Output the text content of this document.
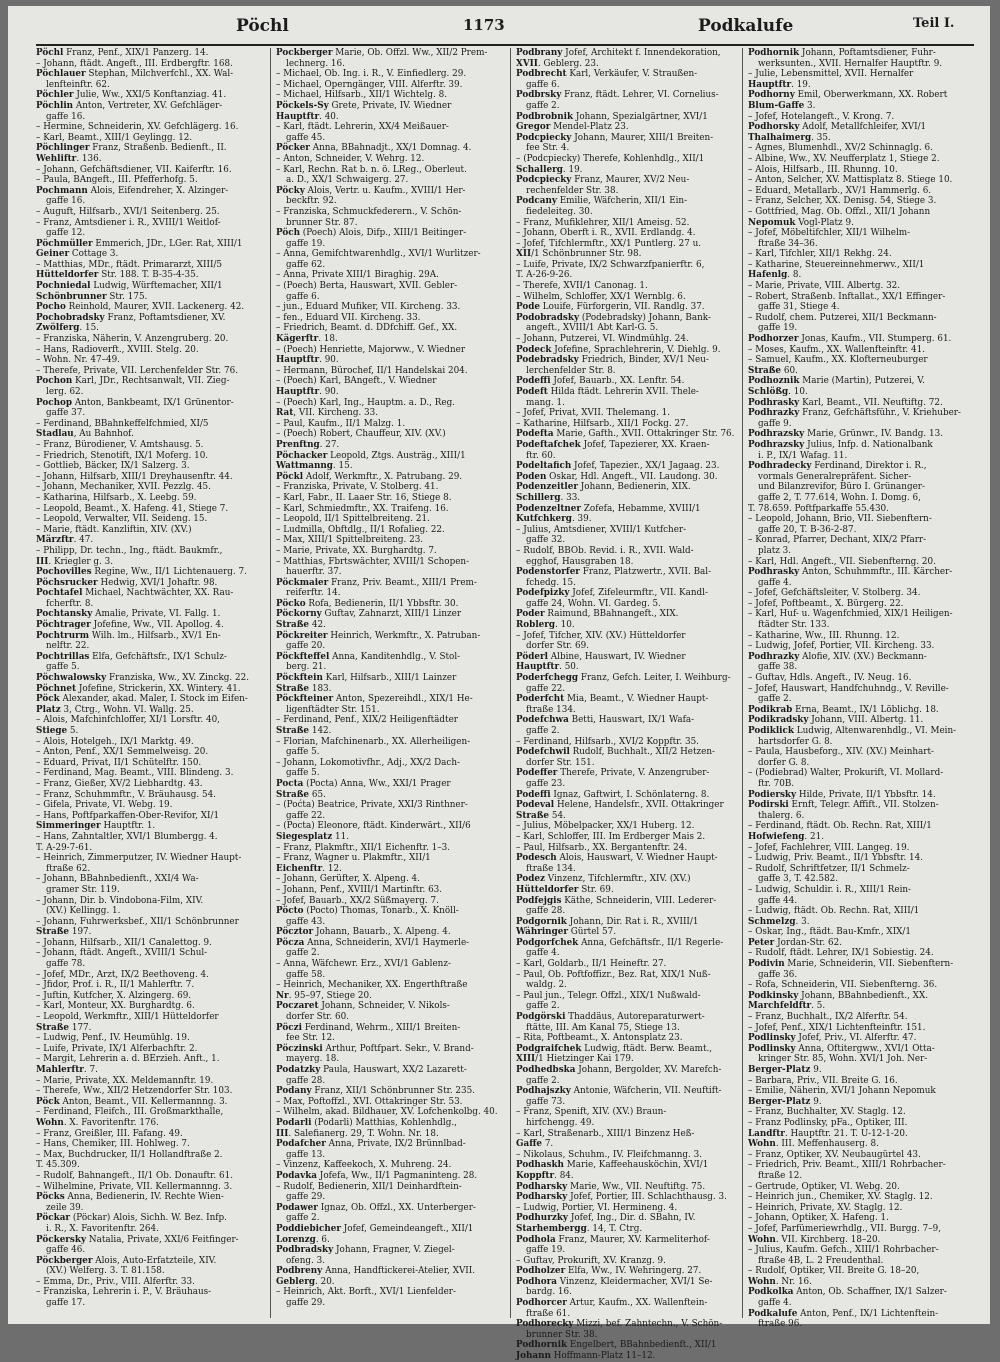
Pöchl	1173	Podkalufe	Teil I.
Pöchl Franz, Penf., XIX/1 Panzerg. 14.
– Johann, ftädt. Angeft., III. Erdbergftr. 168.
Pöchlauer Stephan, Milchverfchl., XX. Wal-
lenfteinftr. 62.
Pöchler Julie, Ww., XXI/5 Konftanziag. 41.
Pöchlin Anton, Vertreter, XV. Gefchläger-
gaffe 16.
– Hermine, Schneiderin, XV. Gefchlägerg. 16.
– Karl, Beamt., XIII/1 Geylingg. 12.
Pöchlinger Franz, Straßenb. Bedienft., II.
Wehliftr. 136.
– Johann, Gefchäftsdiener, VII. Kaiferftr. 16.
– Paula, BAngeft., III. Pfefferhofg. 5.
Pochmann Alois, Eifendreher, X. Alzinger-
gaffe 16.
– Auguft, Hilfsarb., XVI/1 Seitenberg. 25.
– Franz, Amtsdiener i. R., XVIII/1 Weitlof-
gaffe 12.
Pöchmüller Emmerich, JDr., LGer. Rat, XIII/1
Geiner Cottage 3.
– Matthias, MDr., ftädt. Primararzt, XIII/5
Hütteldorfer Str. 188. T. B-35-4-35.
Pochniedal Ludwig, Würftemacher, XII/1
Schönbrunner Str. 175.
Pocho Reinhold, Maurer, XVII. Lackenerg. 42.
Pochobradsky Franz, Poftamtsdiener, XV.
Zwölferg. 15.
– Franziska, Näherin, V. Anzengruberg. 20.
– Hans, Radioverft., XVIII. Stelg. 20.
– Wohn. Nr. 47–49.
– Therefe, Private, VII. Lerchenfelder Str. 76.
Pochon Karl, JDr., Rechtsanwalt, VII. Zieg-
lerg. 62.
Pochop Anton, Bankbeamt, IX/1 Grünentor-
gaffe 37.
– Ferdinand, BBahnkeffelfchmied, XI/5
Stadlau, Au Bahnhof.
– Franz, Bürodiener, V. Amtshausg. 5.
– Friedrich, Stenotift, IX/1 Moferg. 10.
– Gottlieb, Bäcker, IX/1 Salzerg. 3.
– Johann, Hilfsarb, XIII/1 Dreyhausenftr. 44.
– Johann, Mechaniker, XVII. Pezzlg. 45.
– Katharina, Hilfsarb., X. Leebg. 59.
– Leopold, Beamt., X. Hafeng. 41, Stiege 7.
– Leopold, Verwalter, VII. Seideng. 15.
– Marie, ftädt. Kanzliftin, XIV. (XV.)
Märzftr. 47.
– Philipp, Dr. techn., Ing., ftädt. Baukmfr.,
III. Kriegler g. 3.
Pochovilles Regine, Ww., II/1 Lichtenauerg. 7.
Pöchsrucker Hedwig, XVI/1 Johaftr. 98.
Pochtafel Michael, Nachtwächter, XX. Rau-
fcherftr. 8.
Pochtansky Amalie, Private, VI. Fallg. 1.
Pöchtrager Jofefine, Ww., VII. Apollog. 4.
Pochtrurm Wilh. lm., Hilfsarb., XV/1 En-
nelftr. 22.
Pochtrillas Elfa, Gefchäftsfr., IX/1 Schulz-
gaffe 5.
Pöchwalowsky Franziska, Ww., XV. Zinckg. 22.
Pöchnet Jofefine, Strickerin, XX. Wintery. 41.
Pöck Alexander, akad. Maler, I. Stock im Eifen-
Platz 3, Ctrg., Wohn. VI. Wallg. 25.
– Alois, Mafchinfchloffer, XI/1 Lorsftr. 40,
Stiege 5.
– Alois, Hotelgeh., IX/1 Marktg. 49.
– Anton, Penf., XX/1 Semmelweisg. 20.
– Eduard, Privat, II/1 Schütelftr. 150.
– Ferdinand, Mag. Beamt., VIII. Blindeng. 3.
– Franz, Gießer, XV/2 Liebhardtg. 43.
– Franz, Schuhmmftr., V. Bräuhausg. 54.
– Gifela, Private, VI. Webg. 19.
– Hans, Poftfparkaffen-Ober-Revifor, XI/1
Simmeringer Hauptftr. 1.
– Hans, Zahntaltler, XVI/1 Blumbergg. 4.
T. A-29-7-61.
– Heinrich, Zimmerputzer, IV. Wiedner Haupt-
ftraße 62.
– Johann, BBahnbedienft., XXI/4 Wa-
gramer Str. 119.
– Johann, Dir. b. Vindobona-Film, XIV.
(XV.) Kellingg. 1.
– Johann, Fuhrwerksbef., XII/1 Schönbrunner
Straße 197.
– Johann, Hilfsarb., XII/1 Canalettog. 9.
– Johann, ftädt. Angeft., XVIII/1 Schul-
gaffe 78.
– Jofef, MDr., Arzt, IX/2 Beethoveng. 4.
– Jfidor, Prof. i. R., II/1 Mahlerftr. 7.
– Juftin, Kutfcher, X. Alzingerg. 69.
– Karl, Monteur, XX. Burghardtg. 6.
– Leopold, Werkmftr., XIII/1 Hütteldorfer
Straße 177.
– Ludwig, Penf., IV. Heumühlg. 19.
– Luife, Private, IX/1 Alferbachftr. 2.
– Margit, Lehrerin a. d. BErzieh. Anft., 1.
Mahlerftr. 7.
– Marie, Private, XX. Meldemannftr. 19.
– Therefe, Ww., XII/2 Hetzendorfer Str. 103.
Pöck Anton, Beamt., VII. Kellermannng. 3.
– Ferdinand, Fleifch., III. Großmarkthalle,
Wohn. X. Favoritenftr. 176.
– Franz, Greißler, III. Fafang. 49.
– Hans, Chemiker, III. Hohlweg. 7.
– Max, Buchdrucker, II/1 Hollandftraße 2.
T. 45.309.
– Rudolf, Bahnangeft., II/1 Ob. Donauftr. 61.
– Wilhelmine, Private, VII. Kellermannng. 3.
Pöcks Anna, Bedienerin, IV. Rechte Wien-
zeile 39.
Pöckar (Pöckar) Alois, Sichh. W. Bez. Infp.
i. R., X. Favoritenftr. 264.
Pöckersky Natalia, Private, XXI/6 Feitfinger-
gaffe 46.
Pöckberger Alois, Auto-Erfatzteile, XIV.
(XV.) Welferg. 3. T. 81.158.
– Emma, Dr., Priv., VIII. Alferftr. 33.
– Franziska, Lehrerin i. P., V. Bräuhaus-
gaffe 17.
Pockberger Marie, Ob. Offzl. Ww., XII/2 Prem-
lechnerg. 16.
– Michael, Ob. Ing. i. R., V. Einfiedlerg. 29.
– Michael, Operngänger, VIII. Alferftr. 39.
– Michael, Hilfsarb., XII/1 Wichtelg. 8.
Pöckels-Sy Grete, Private, IV. Wiedner
Hauptftr. 40.
– Karl, ftädt. Lehrerin, XX/4 Meißauer-
gaffe 45.
Pöcker Anna, BBahnadjt., XX/1 Domnag. 4.
– Anton, Schneider, V. Wehrg. 12.
– Karl, Rechn. Rat b. n. ö. LReg., Oberleut.
a. D., XX/1 Schwaigerg. 27.
Pöcky Alois, Vertr. u. Kaufm., XVIII/1 Her-
beckftr. 92.
– Franziska, Schmuckfederern., V. Schön-
brunner Str. 87.
Pöch (Poech) Alois, Difp., XIII/1 Beitinger-
gaffe 19.
– Anna, Gemifchtwarenhdlg., XVI/1 Wurlitzer-
gaffe 62.
– Anna, Private XIII/1 Biraghig. 29A.
– (Poech) Berta, Hauswart, XVII. Gebler-
gaffe 6.
– jun., Eduard Mufiker, VII. Kircheng. 33.
– fen., Eduard VII. Kircheng. 33.
– Friedrich, Beamt. d. DDfchiff. Gef., XX.
Kägerftr. 18.
– (Poech) Henriette, Majorww., V. Wiedner
Hauptftr. 90.
– Hermann, Bürochef, II/1 Handelskai 204.
– (Poech) Karl, BAngeft., V. Wiedner
Hauptftr. 90.
– (Poech) Karl, Ing., Hauptm. a. D., Reg.
Rat, VII. Kircheng. 33.
– Paul, Kaufm., II/1 Malzg. 1.
– (Poech) Robert, Chauffeur, XIV. (XV.)
Prenftng. 27.
Pöchacker Leopold, Ztgs. Austräg., XIII/1
Wattmanng. 15.
Pöckl Adolf, Werkmftr., X. Patrubang. 29.
– Franziska, Private, V. Stolberg. 41.
– Karl, Fabr., II. Laaer Str. 16, Stiege 8.
– Karl, Schmiedmftr., XX. Traifeng. 16.
– Leopold, II/1 Spittelbreiteng. 21.
– Ludmilla, Obftdlg., II/1 Rofalieg. 22.
– Max, XIII/1 Spittelbreiteng. 23.
– Marie, Private, XX. Burghardtg. 7.
– Matthias, Fbrtswächter, XVIII/1 Schopen-
hauerftr. 37.
Pöckmaier Franz, Priv. Beamt., XIII/1 Prem-
reiferftr. 14.
Pöcko Rofa, Bedienerin, II/1 Ybbsftr. 30.
Pöckorny Guftav, Zahnarzt, XIII/1 Linzer
Straße 42.
Pöckreiter Heinrich, Werkmftr., X. Patruban-
gaffe 20.
Pöckfteffel Anna, Kanditenhdlg., V. Stol-
berg. 21.
Pöckftein Karl, Hilfsarb., XIII/1 Lainzer
Straße 183.
Pöckfteiner Anton, Spezereihdl., XIX/1 He-
ligenftädter Str. 151.
– Ferdinand, Penf., XIX/2 Heiligenftädter
Straße 142.
– Florian, Mafchinenarb., XX. Allerheiligen-
gaffe 5.
– Johann, Lokomotivfhr., Adj., XX/2 Dach-
gaffe 5.
Pocta (Pocta) Anna, Ww., XXI/1 Prager
Straße 65.
– (Poćta) Beatrice, Private, XXI/3 Rinthner-
gaffe 22.
– (Pocta) Eleonore, ftädt. Kinderwärt., XII/6
Siegesplatz 11.
– Franz, Plakmftr., XII/1 Eichenftr. 1–3.
– Franz, Wagner u. Plakmftr., XII/1
Eichenftr. 12.
– Johann, Gerüfter, X. Alpeng. 4.
– Johann, Penf., XVIII/1 Martinftr. 63.
– Jofef, Bauarb., XX/2 Süßmayerg. 7.
Pöcto (Pocto) Thomas, Tonarb., X. Knöll-
gaffe 43.
Pöcztor Johann, Bauarb., X. Alpeng. 4.
Pöcza Anna, Schneiderin, XVI/1 Haymerle-
gaffe 2.
– Anna, Wäfchewr. Erz., XVI/1 Gablenz-
gaffe 58.
– Heinrich, Mechaniker, XX. Engerthftraße
Nr. 95–97, Stiege 20.
Poczaret Johann, Schneider, V. Nikols-
dorfer Str. 60.
Pöczi Ferdinand, Wehrm., XIII/1 Breiten-
fee Str. 12.
Pöczinski Arthur, Poftfpart. Sekr., V. Brand-
mayerg. 18.
Podatzky Paula, Hauswart, XX/2 Lazarett-
gaffe 28.
Podany Franz, XII/1 Schönbrunner Str. 235.
– Max, Poftoffzl., XVI. Ottakringer Str. 53.
– Wilhelm, akad. Bildhauer, XV. Lofchenkolbg. 40.
Podarli (Podarli) Matthias, Kohlenhdlg.,
III. Salefianerg. 29, T. Wohn. Nr. 18.
Podafcher Anna, Private, IX/2 Brünnlbad-
gaffe 13.
– Vinzenz, Kaffeekoch, X. Muhreng. 24.
Podavka Jofefa, Ww., II/1 Pagmaninteng. 28.
– Rudolf, Bedienerin, XII/1 Deinhardftein-
gaffe 29.
Podawer Ignaz, Ob. Offzl., XX. Unterberger-
gaffe 2.
Poddiebicher Jofef, Gemeindeangeft., XII/1
Lorenzg. 6.
Podbradsky Johann, Fragner, V. Ziegel-
ofeng. 3.
Podbreny Anna, Handftickerei-Atelier, XVII.
Geblerg. 20.
– Heinrich, Akt. Borft., XVI/1 Lienfelder-
gaffe 29.
Podbrany Jofef, Architekt f. Innendekoration,
XVII. Geblerg. 23.
Podbrecht Karl, Verkäufer, V. Straußen-
gaffe 6.
Podbrsky Franz, ftädt. Lehrer, VI. Cornelius-
gaffe 2.
Podbrobnik Johann, Spezialgärtner, XVI/1
Gregor Mendel-Platz 23.
Podcpiecky Johann, Maurer, XIII/1 Breiten-
fee Str. 4.
– (Podcpiecky) Therefe, Kohlenhdlg., XII/1
Schallerg. 19.
Podcpiecky Franz, Maurer, XV/2 Neu-
rechenfelder Str. 38.
Podcany Emilie, Wäfcherin, XII/1 Ein-
fiedeleiteg. 30.
– Franz, Mufiklehrer, XII/1 Ameisg. 52.
– Johann, Oberft i. R., XVII. Erdlandg. 4.
– Jofef, Tifchlermftr., XX/1 Puntlerg. 27 u.
XII/1 Schönbrunner Str. 98.
– Luife, Private, IX/2 Schwarzfpanierftr. 6,
T. A-26-9-26.
– Therefe, XVII/1 Canonag. 1.
– Wilhelm, Schloffer, XX/1 Wernblg. 6.
Pode Louife, Fürforgerin, VII. Randlg. 37.
Podobradsky (Podebradsky) Johann, Bank-
angeft., XVIII/1 Abt Karl-G. 5.
– Johann, Putzerei, VI. Windmühlg. 24.
Podeck Jofefine, Sprachlehrerin, V. Diehlg. 9.
Podebradsky Friedrich, Binder, XV/1 Neu-
lerchenfelder Str. 8.
Podeffi Jofef, Bauarb., XX. Lenftr. 54.
Podeft Hilda ftädt. Lehrerin XVII. Thele-
mang. 1.
– Jofef, Privat, XVII. Thelemang. 1.
– Katharine, Hilfsarb., XII/1 Fockg. 27.
Podefta Marie, Gafth., XVII. Ottakringer Str. 76.
Podeftafchek Jofef, Tapezierer, XX. Kraen-
ftr. 60.
Podeltafich Jofef, Tapezier., XX/1 Jagaag. 23.
Poden Oskar, Hdl. Angeft., VII. Laudong. 30.
Podenzeitler Johann, Bedienerin, XIX.
Schillerg. 33.
Podenzeltner Zofefa, Hebamme, XVIII/1
Kutfchkerg. 39.
– Julius, Amtsdiener, XVIII/1 Kutfcher-
gaffe 32.
– Rudolf, BBOb. Revid. i. R., XVII. Wald-
egghof, Hausgraben 18.
Podenstorfer Franz, Platzwertr., XVII. Bal-
fchedg. 15.
Podefpizky Jofef, Zifeleurmftr., VII. Kandl-
gaffe 24, Wohn. VI. Gardeg. 5.
Poder Raimund, BBahnangeft., XIX.
Roblerg. 10.
– Jofef, Tifcher, XIV. (XV.) Hütteldorfer
dorfer Str. 69.
Pöderl Albine, Hauswart, IV. Wiedner
Hauptftr. 50.
Poderfchegg Franz, Gefch. Leiter, I. Weihburg-
gaffe 22.
Poderfcht Mia, Beamt., V. Wiedner Haupt-
ftraße 134.
Podefchwa Betti, Hauswart, IX/1 Wafa-
gaffe 2.
– Ferdinand, Hilfsarb., XVI/2 Koppftr. 35.
Podefchwil Rudolf, Buchhalt., XII/2 Hetzen-
dorfer Str. 151.
Podeffer Therefe, Private, V. Anzengruber-
gaffe 23.
Podeffi Ignaz, Gaftwirt, I. Schönlaterng. 8.
Podeval Helene, Handelsfr., XVII. Ottakringer
Straße 54.
– Julius, Möbelpacker, XX/1 Huberg. 12.
– Karl, Schloffer, III. Im Erdberger Mais 2.
– Paul, Hilfsarb., XX. Bergantenftr. 24.
Podesch Alois, Hauswart, V. Wiedner Haupt-
ftraße 134.
Podez Vinzenz, Tifchlermftr., XIV. (XV.)
Hütteldorfer Str. 69.
Podfejgis Käthe, Schneiderin, VIII. Lederer-
gaffe 28.
Podgornik Johann, Dir. Rat i. R., XVIII/1
Währinger Gürtel 57.
Podgorfchek Anna, Gefchäftsfr., II/1 Regerle-
gaffe 4.
– Karl, Goldarb., II/1 Heineftr. 27.
– Paul, Ob. Poftfoffizr., Bez. Rat, XIX/1 Nuß-
waldg. 2.
– Paul jun., Telegr. Offzl., XIX/1 Nußwald-
gaffe 2.
Podgörski Thaddäus, Autoreparaturwert-
ftätte, III. Am Kanal 75, Stiege 13.
– Rita, Poftbeamt., X. Antonsplatz 23.
Podgraifchek Ludwig, ftädt. Berw. Beamt.,
XIII/1 Hietzinger Kai 179.
Podhedbska Johann, Bergolder, XV. Marefch-
gaffe 2.
Podhajszky Antonie, Wäfcherin, VII. Neuftift-
gaffe 73.
– Franz, Spenift, XIV. (XV.) Braun-
hirfchengg. 49.
– Karl, Straßenarb., XIII/1 Binzenz Heß-
Gaffe 7.
– Nikolaus, Schuhm., IV. Fleifchmanng. 3.
Podhaskh Marie, Kaffeehausköchin, XVI/1
Koppftr. 84.
Podharsky Marie, Ww., VII. Neuftiftg. 75.
Podharsky Jofef, Portier, III. Schlachthausg. 3.
– Ludwig, Portier, VI. Hermineng. 4.
Podhurzky Jofef, Ing., Dir. d. SBahn, IV.
Starhembergg. 14, T. Ctrg.
Podhola Franz, Maurer, XV. Karmeliterhof-
gaffe 19.
– Guftav, Prokurift, XV. Kranzg. 9.
Podholzer Elfa, Ww., IV. Wehringerg. 27.
Podhora Vinzenz, Kleidermacher, XVI/1 Se-
bardg. 16.
Podhorcer Artur, Kaufm., XX. Wallenftein-
ftraße 61.
Podhorecky Mizzi, bef. Zahntechn., V. Schön-
brunner Str. 38.
Podhornik Engelbert, BBahnbedienft., XII/1
Johann Hoffmann-Platz 11–12.
Podhornik Johann, Poftamtsdiener, Fuhr-
werksunten., XVII. Hernalfer Hauptftr. 9.
– Julie, Lebensmittel, XVII. Hernalfer
Hauptftr. 19.
Podhorny Emil, Oberwerkmann, XX. Robert
Blum-Gaffe 3.
– Jofef, Hotelangeft., V. Krong. 7.
Podhorsky Adolf, Metallfchleifer, XVI/1
Thalhaimerg. 35.
– Agnes, Blumenhdl., XV/2 Schinnaglg. 6.
– Albine, Ww., XV. Neufferplatz 1, Stiege 2.
– Alois, Hilfsarb., III. Rhunng. 10.
– Anton, Selcher, XV. Mattisplatz 8. Stiege 10.
– Eduard, Metallarb., XV/1 Hammerlg. 6.
– Franz, Selcher, XX. Denisg. 54, Stiege 3.
– Gottfried, Mag. Ob. Offzl., XII/1 Johann
Nepomuk Vogl-Platz 9.
– Jofef, Möbeltifchler, XII/1 Wilhelm-
ftraße 34–36.
– Karl, Tifchler, XII/1 Rekhg. 24.
– Katharine, Steuereinnehmerwv., XII/1
Hafenlg. 8.
– Marie, Private, VIII. Albertg. 32.
– Robert, Straßenb. Inftallat., XX/1 Effinger-
gaffe 31, Stiege 4.
– Rudolf, chem. Putzerei, XII/1 Beckmann-
gaffe 19.
Podhorzer Jonas, Kaufm., VII. Stumperg. 61.
– Moses, Kaufm., XX. Wallenfteinftr. 41.
– Samuel, Kaufm., XX. Klofterneuburger
Straße 60.
Podhoznik Marie (Martin), Putzerei, V.
Schlößg. 10.
Podhrasky Karl, Beamt., VII. Neuftiftg. 72.
Podhrazky Franz, Gefchäftsführ., V. Kriehuber-
gaffe 9.
Podhrazsky Marie, Grünwr., IV. Bandg. 13.
Podhrazsky Julius, Infp. d. Nationalbank
i. P., IX/1 Wafag. 11.
Podhradecky Ferdinand, Direktor i. R.,
vormals Generalrepräfent. Sicher-
und Bilanzrevifor, Büro I. Grünanger-
gaffe 2, T. 77.614, Wohn. I. Domg. 6,
T. 78.659. Poftfparkaffe 55.430.
– Leopold, Johann, Brio, VII. Siebenftern-
gaffe 20, T. B-36-2-87.
– Konrad, Pfarrer, Dechant, XIX/2 Pfarr-
platz 3.
– Karl, Hdl. Angeft., VII. Siebenfterng. 20.
Podhrasky Anton, Schuhmmftr., III. Kärcher-
gaffe 4.
– Jofef, Gefchäftsleiter, V. Stolberg. 34.
– Jofef, Poftbeamt., X. Bürgerg. 22.
– Karl, Huf- u. Wagenfchmied, XIX/1 Heiligen-
ftädter Str. 133.
– Katharine, Ww., III. Rhunng. 12.
– Ludwig, Jofef, Portier, VII. Kircheng. 33.
Podhrazky Alofie, XIV. (XV.) Beckmann-
gaffe 38.
– Guftav, Hdls. Angeft., IV. Neug. 16.
– Jofef, Hauswart, Handfchuhndg., V. Reville-
gaffe 2.
Podikrab Erna, Beamt., IX/1 Löblichg. 18.
Podikradsky Johann, VIII. Albertg. 11.
Podiklick Ludwig, Altenwarenhdlg., VI. Mein-
hartsdorfer G. 8.
– Paula, Hausbeforg., XIV. (XV.) Meinhart-
dorfer G. 8.
– (Podiebrad) Walter, Prokurift, VI. Mollard-
ftr. 70B.
Podiersky Hilde, Private, II/1 Ybbsftr. 14.
Podirski Ernft, Telegr. Affift., VII. Stolzen-
thalerg. 6.
– Ferdinand, ftädt. Ob. Rechn. Rat, XIII/1
Hofwiefeng. 21.
– Jofef, Fachlehrer, VIII. Langeg. 19.
– Ludwig, Priv. Beamt., II/1 Ybbsftr. 14.
– Rudolf, Schriftfetzer, II/1 Schmelz-
gaffe 3, T. 42.582.
– Ludwig, Schuldir. i. R., XIII/1 Rein-
gaffe 44.
– Ludwig, ftädt. Ob. Rechn. Rat, XIII/1
Schmelzg. 3.
– Oskar, Ing., ftädt. Bau-Kmfr., XIX/1
Peter Jordan-Str. 62.
– Rudolf, ftädt. Lehrer, IX/1 Sobiestig. 24.
Podivin Marie, Schneiderin, VII. Siebenftern-
gaffe 36.
– Rofa, Schneiderin, VII. Siebenfterng. 36.
Podkinsky Johann, BBahnbedienft., XX.
Marchfeldftr. 5.
– Franz, Buchhalt., IX/2 Alferftr. 54.
– Jofef, Penf., XIX/1 Lichtenfteinftr. 151.
Podlinsky Jofef, Priv., VI. Alferftr. 47.
Podlinsky Anna, Oftitergww., XVI/1 Otta-
kringer Str. 85, Wohn. XVI/1 Joh. Ner-
Berger-Platz 9.
– Barbara, Priv., VII. Breite G. 16.
– Emilie, Näherin, XVI/1 Johann Nepomuk
Berger-Platz 9.
– Franz, Buchhalter, XV. Staglg. 12.
– Franz Podlinsky, pFa., Optiker, III.
Landftr. Hauptftr. 21. T. U-12-1-20.
Wohn. III. Meffenhauserg. 8.
– Franz, Optiker, XV. Neubaugürtel 43.
– Friedrich, Priv. Beamt., XIII/1 Rohrbacher-
ftraße 12.
– Gertrude, Optiker, VI. Webg. 20.
– Heinrich jun., Chemiker, XV. Staglg. 12.
– Heinrich, Private, XV. Staglg. 12.
– Johann, Optiker, X. Hafeng. 1.
– Jofef, Parfümeriewrhdlg., VII. Burgg. 7–9,
Wohn. VII. Kirchberg. 18–20.
– Julius, Kaufm. Gefch., XIII/1 Rohrbacher-
ftraße 4B, L. 2 Freudenthal.
– Rudolf, Optiker, VII. Breite G. 18–20,
Wohn. Nr. 16.
Podkolka Anton, Ob. Schaffner, IX/1 Salzer-
gaffe 4.
Podkalufe Anton, Penf., IX/1 Lichtenftein-
ftraße 96.
